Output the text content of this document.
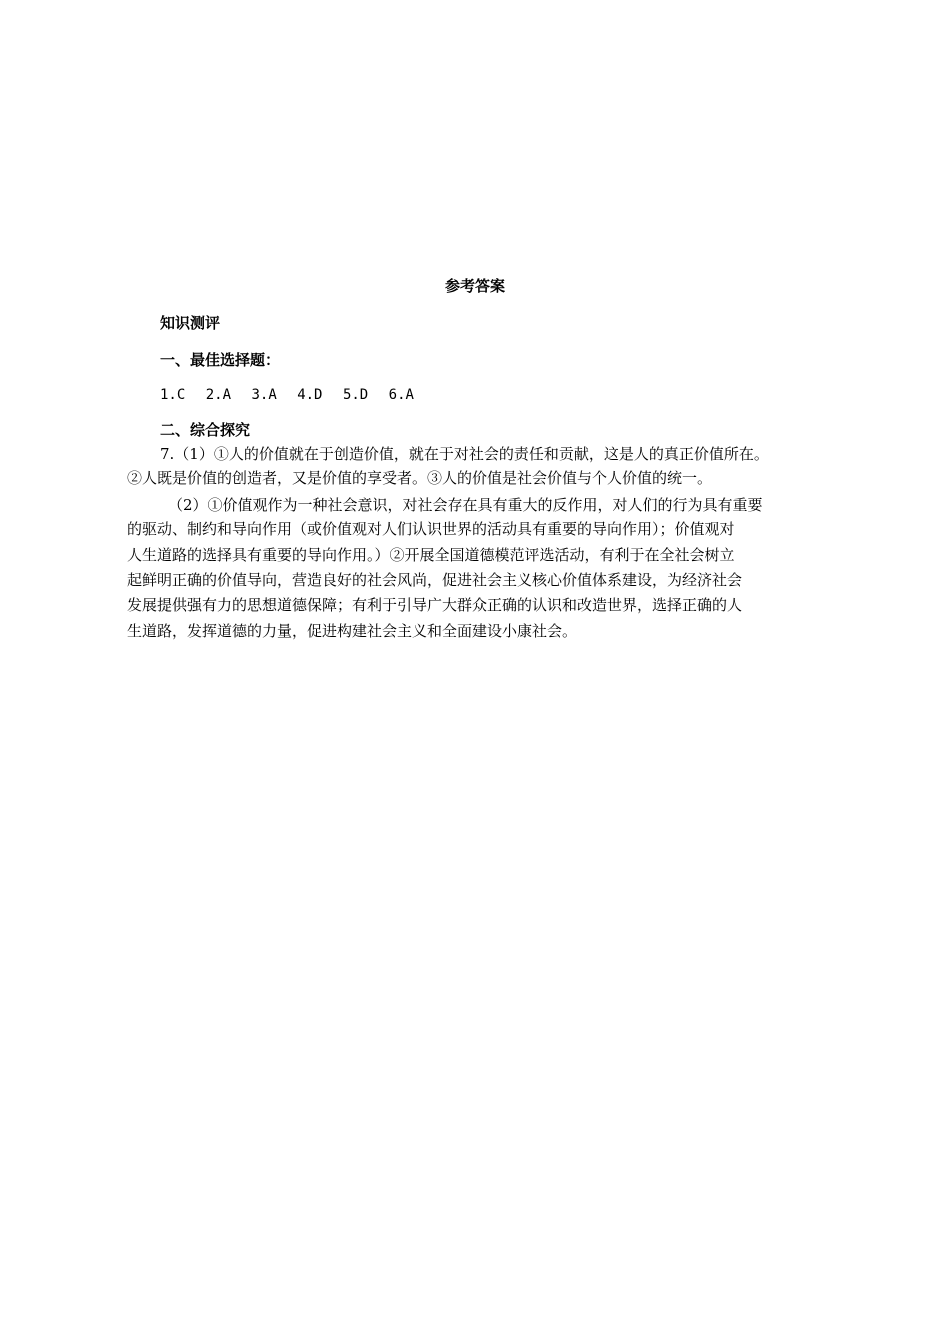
参考答案
知识测评
一、最佳选择题：
1.C 2.A 3.A 4.D 5.D 6.A
二、综合探究
7.（1）①人的价值就在于创造价值，就在于对社会的责任和贡献，这是人的真正价值所在。
②人既是价值的创造者，又是价值的享受者。③人的价值是社会价值与个人价值的统一。
（2）①价值观作为一种社会意识，对社会存在具有重大的反作用，对人们的行为具有重要
的驱动、制约和导向作用（或价值观对人们认识世界的活动具有重要的导向作用）；价值观对
人生道路的选择具有重要的导向作用。）②开展全国道德模范评选活动，有利于在全社会树立
起鲜明正确的价值导向，营造良好的社会风尚，促进社会主义核心价值体系建设，为经济社会
发展提供强有力的思想道德保障；有利于引导广大群众正确的认识和改造世界，选择正确的人
生道路，发挥道德的力量，促进构建社会主义和全面建设小康社会。
